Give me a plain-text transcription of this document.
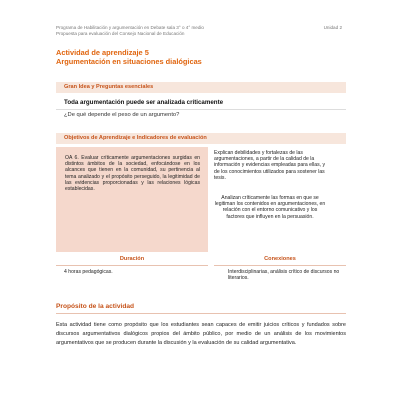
Programa de Habilitación y argumentación en Debate sala 3° o 4° medio
Propuesta para evaluación del Consejo Nacional de Educación
Unidad 2
Actividad de aprendizaje 5
Argumentación en situaciones dialógicas
Gran Idea y Preguntas esenciales
Toda argumentación puede ser analizada críticamente
¿De qué depende el peso de un argumento?
Objetivos de Aprendizaje e Indicadores de evaluación
OA 6. Evaluar críticamente argumentaciones surgidas en distintos ámbitos de la sociedad, enfocándose en los alcances que tienen en la comunidad, su pertinencia al tema analizado y el propósito perseguido, la legitimidad de las evidencias proporcionadas y las relaciones lógicas establecidas.
Explican debilidades y fortalezas de las argumentaciones, a partir de la calidad de la información y evidencias empleadas para ellas, y de los conocimientos utilizados para sostener las tesis.
Analizan críticamente las formas en que se legitiman los contenidos en argumentaciones, en relación con el entorno comunicativo y los factores que influyen en la persuasión.
Duración
4 horas pedagógicas.
Conexiones
Interdisciplinarias, análisis crítico de discursos no literarios.
Propósito de la actividad
Esta actividad tiene como propósito que los estudiantes sean capaces de emitir juicios críticos y fundados sobre discursos argumentativos dialógicos propios del ámbito público, por medio de un análisis de los movimientos argumentativos que se producen durante la discusión y la evaluación de su calidad argumentativa.
